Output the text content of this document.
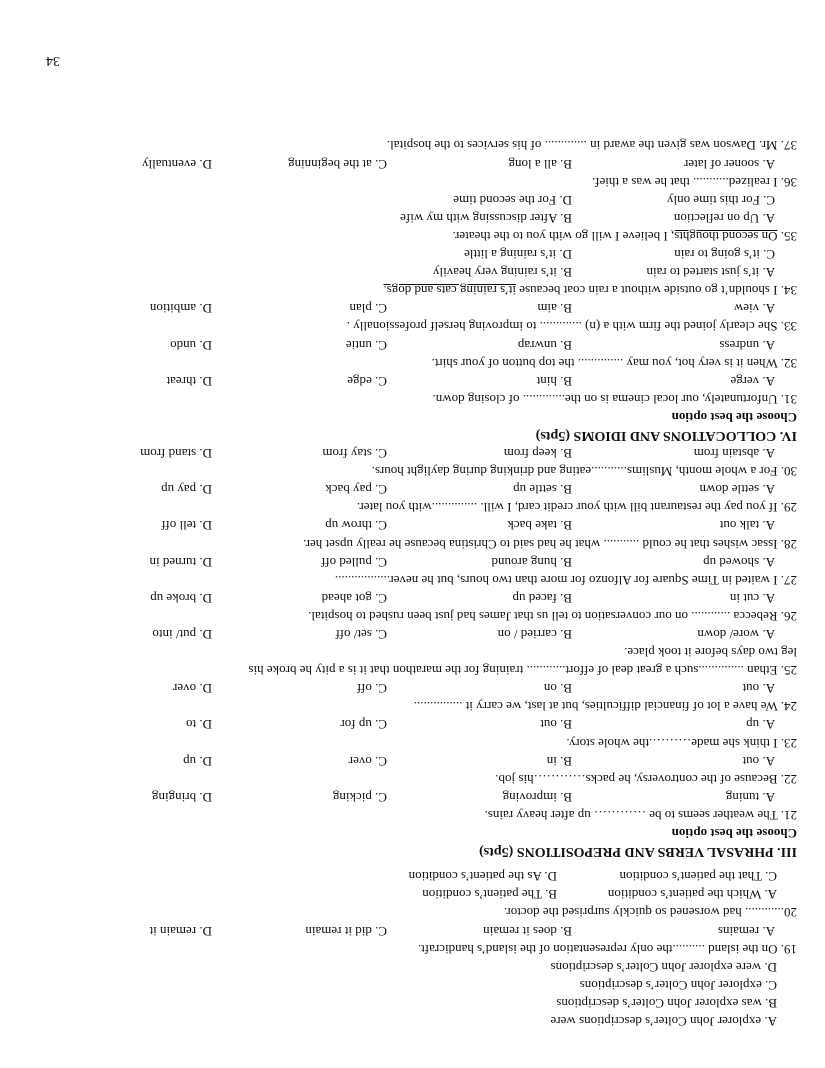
A. explorer John Colter’s descriptions were
B. was explorer John Colter’s descriptions
C. explorer John Colter’s descriptions
D. were explorer John Colter’s descriptions
19. On the island ..........the only representation of the island’s handicraft.
A. remains
B. does it remain
C. did it remain
D. remain it
20............ had worsened so quickly surprised the doctor.
A. Which the patient’s condition
B. The patient’s condition
C. That the patient’s condition
D. As the patient’s condition
III. PHRASAL VERBS AND PREPOSITIONS (5pts)
Choose the best option
21. The weather seems to be ………… up after heavy rains.
A. tuning
B. improving
C. picking
D. bringing
22. Because of the controversy, he packs…………his job.
A. out
B. in
C. over
D. up
23. I think she made……….the whole story.
A. up
B. out
C. up for
D. to
24. We have a lot of financial difficulties, but at last, we carry it ...............
A. out
B. on
C. off
D. over
25. Ethan ..............such a great deal of effort............ training for the marathon that it is a pity he broke his
leg two days before it took place.
A. wore/ down
B. carried / on
C. set/ off
D. put/ into
26. Rebecca ............ on our conversation to tell us that James had just been rushed to hospital.
A. cut in
B. faced up
C. got ahead
D. broke up
27. I waited in Time Square for Alfonzo for more than two hours, but he never.................
A. showed up
B. hung around
C. pulled off
D. turned in
28. Issac wishes that he could ........... what he had said to Christina because he really upset her.
A. talk out
B. take back
C. throw up
D. tell off
29. If you pay the restaurant bill with your credit card, I will. ..............with you later.
A. settle down
B. settle up
C. pay back
D. pay up
30. For a whole month, Muslims...........eating and drinking during daylight hours.
A. abstain from
B. keep from
C. stay from
D. stand from
IV. COLLOCATIONS AND IDIOMS (5pts)
Choose the best option
31. Unfortunately, our local cinema is on the............. of closing down.
A. verge
B. hint
C. edge
D. threat
32. When it is very hot, you may .............. the top button of your shirt.
A. undress
B. unwrap
C. untie
D. undo
33. She clearly joined the firm with a (n) ............. to improving herself professionally .
A. view
B. aim
C. plan
D. ambition
34. I shouldn’t go outside without a rain coat because it’s raining cats and dogs.
A. it’s just started to rain
B. it’s raining very heavily
C. it’s going to rain
D. it’s raining a little
35. On second thoughts, I believe I will go with you to the theater.
A. Up on reflection
B. After discussing with my wife
C. For this time only
D. For the second time
36. I realized........... that he was a thief.
A. sooner of later
B. all a long
C. at the beginning
D. eventually
37. Mr. Dawson was given the award in ............. of his services to the hospital.
34
